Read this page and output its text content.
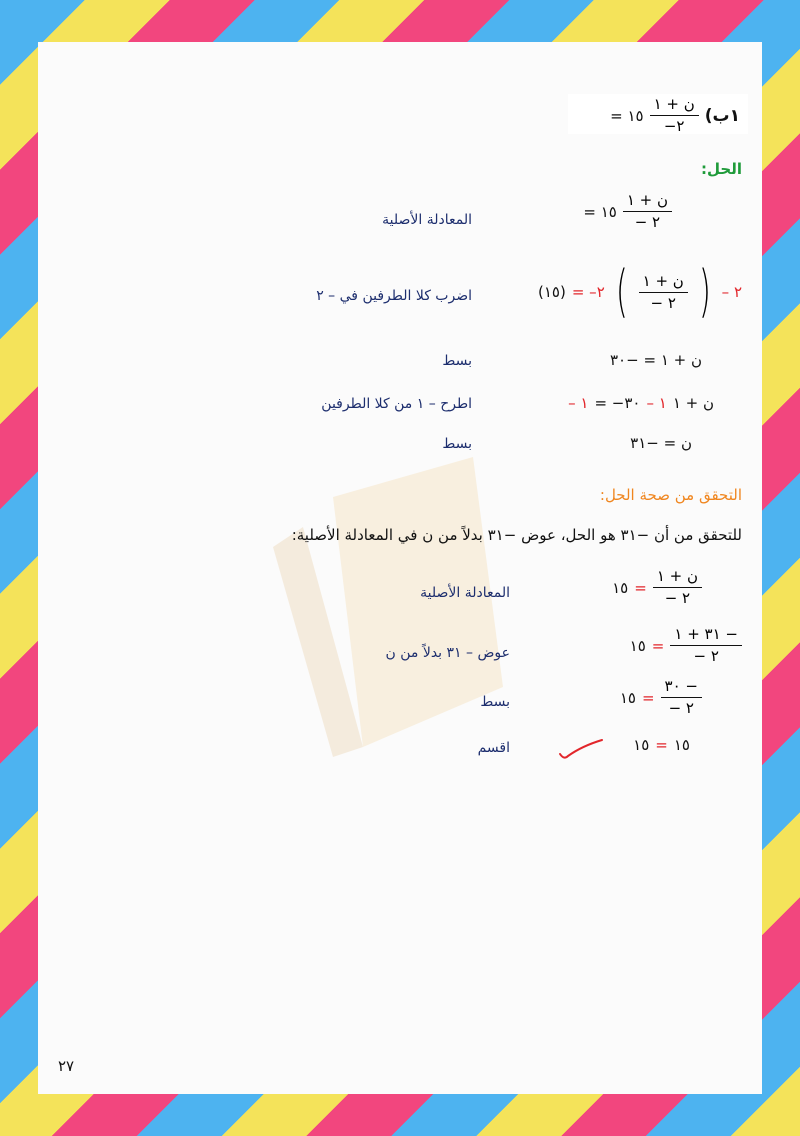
١ب)
$\frac{\text{ن + ١}}{٢-}$
= ١٥
الحل:
$\frac{\text{ن + ١}}{٢ -}$
= ١٥
المعادلة الأصلية
– ٢
(
$\frac{\text{ن + ١}}{٢ -}$
)
= –٢
(١٥)
اضرب كلا الطرفين في – ٢
ن + ١ = −٣٠
بسط
ن + ١
– ١
= −٣٠
– ١
اطرح – ١ من كلا الطرفين
ن = −٣١
بسط
التحقق من صحة الحل:
للتحقق من أن −٣١ هو الحل، عوض −٣١ بدلاً من ن في المعادلة الأصلية:
$\frac{\text{ن + ١}}{٢ -}$
=
١٥
المعادلة الأصلية
$\frac{- ٣١ + ١}{٢ -}$
=
١٥
عوض – ٣١ بدلاً من ن
$\frac{- ٣٠}{٢ -}$
=
١٥
بسط
١٥
=
١٥
اقسم
٢٧
